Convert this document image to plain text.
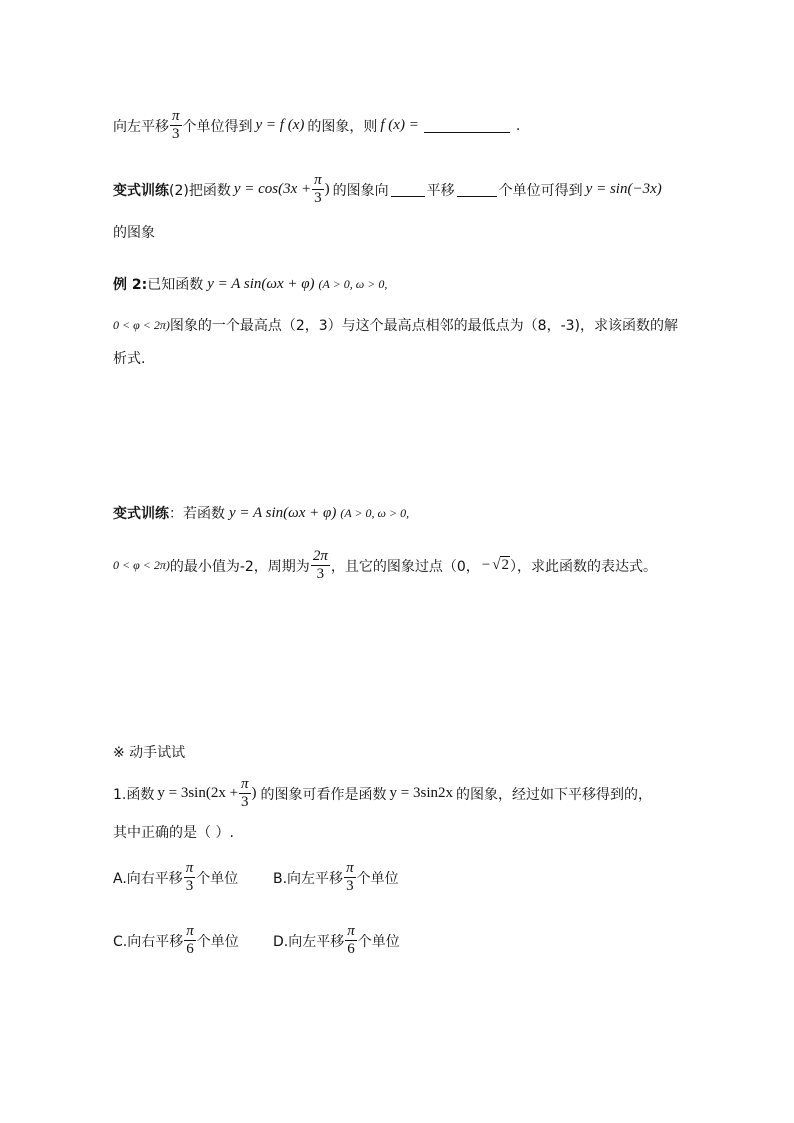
向左平移 $\frac{\pi}{3}$ 个单位得到 y = f (x) 的图象，则 f (x) =	.
变式训练 (2)把函数 $y = \cos(3x + \frac{\pi}{3}$ ) 的图象向	平移	个单位可得到 y = sin(−3x)
的图象
例 2: 已知函数 y = A sin(ωx + φ) (A > 0, ω > 0,
0 < φ < 2π) 图象的一个最高点（2，3）与这个最高点相邻的最低点为（8，-3)，求该函数的解
析式.
变式训练 ：若函数 y = A sin(ωx + φ) (A > 0, ω > 0,
0 < φ < 2π) 的最小值为-2，周期为 $\frac{2\pi}{3}$ ，且它的图象过点（0， − √2 ），求此函数的表达式。
※ 动手试试
1.函数 $y = 3\sin(2x + \frac{\pi}{3}$ ) 的图象可看作是函数 y = 3sin2x 的图象，经过如下平移得到的，
其中正确的是（ ）.
A.向右平移 $\frac{\pi}{3}$ 个单位 B.向左平移 $\frac{\pi}{3}$ 个单位
C.向右平移 $\frac{\pi}{6}$ 个单位 D.向左平移 $\frac{\pi}{6}$ 个单位
